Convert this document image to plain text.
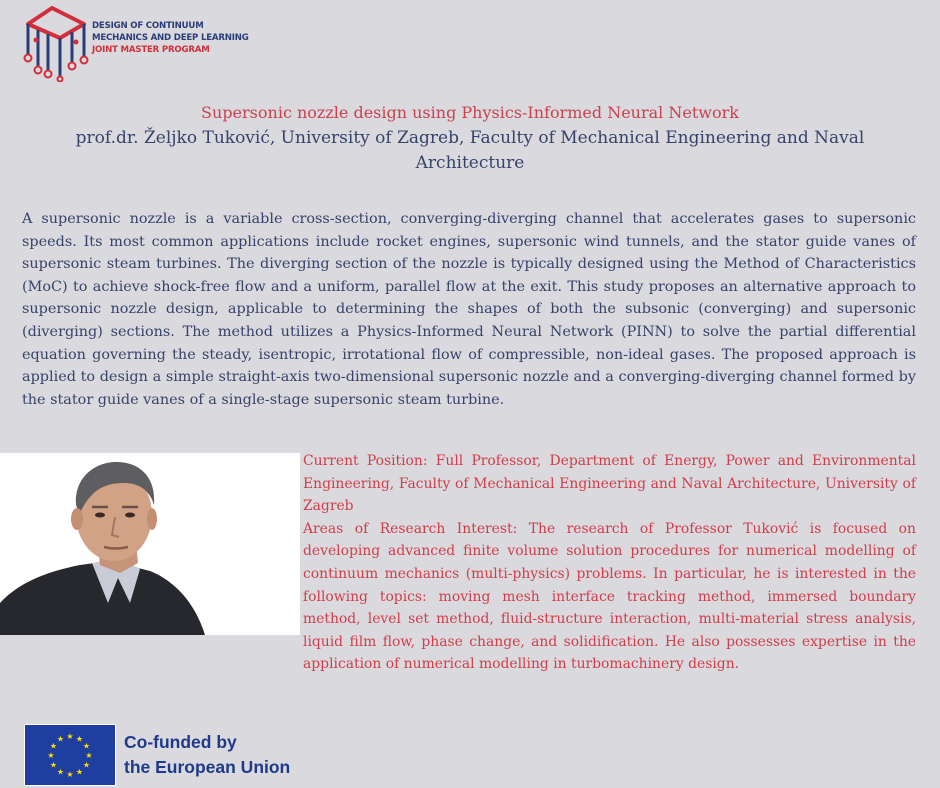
DESIGN OF CONTINUUM
MECHANICS AND DEEP LEARNING
JOINT MASTER PROGRAM
Supersonic nozzle design using Physics-Informed Neural Network
prof.dr. Željko Tuković, University of Zagreb, Faculty of Mechanical Engineering and Naval Architecture

A supersonic nozzle is a variable cross-section, converging-diverging channel that accelerates gases to supersonic speeds. Its most common applications include rocket engines, supersonic wind tunnels, and the stator guide vanes of supersonic steam turbines. The diverging section of the nozzle is typically designed using the Method of Characteristics (MoC) to achieve shock-free flow and a uniform, parallel flow at the exit. This study proposes an alternative approach to supersonic nozzle design, applicable to determining the shapes of both the subsonic (converging) and supersonic (diverging) sections. The method utilizes a Physics-Informed Neural Network (PINN) to solve the partial differential equation governing the steady, isentropic, irrotational flow of compressible, non-ideal gases. The proposed approach is applied to design a simple straight-axis two-dimensional supersonic nozzle and a converging-diverging channel formed by the stator guide vanes of a single-stage supersonic steam turbine.

Current Position: Full Professor, Department of Energy, Power and Environmental Engineering, Faculty of Mechanical Engineering and Naval Architecture, University of Zagreb

Areas of Research Interest: The research of Professor Tuković is focused on developing advanced finite volume solution procedures for numerical modelling of continuum mechanics (multi-physics) problems. In particular, he is interested in the following topics: moving mesh interface tracking method, immersed boundary method, level set method, fluid-structure interaction, multi-material stress analysis, liquid film flow, phase change, and solidification. He also possesses expertise in the application of numerical modelling in turbomachinery design.

★ ★
★
★
★
★
★
★
★
★
★
★	Co-funded by
the European Union
